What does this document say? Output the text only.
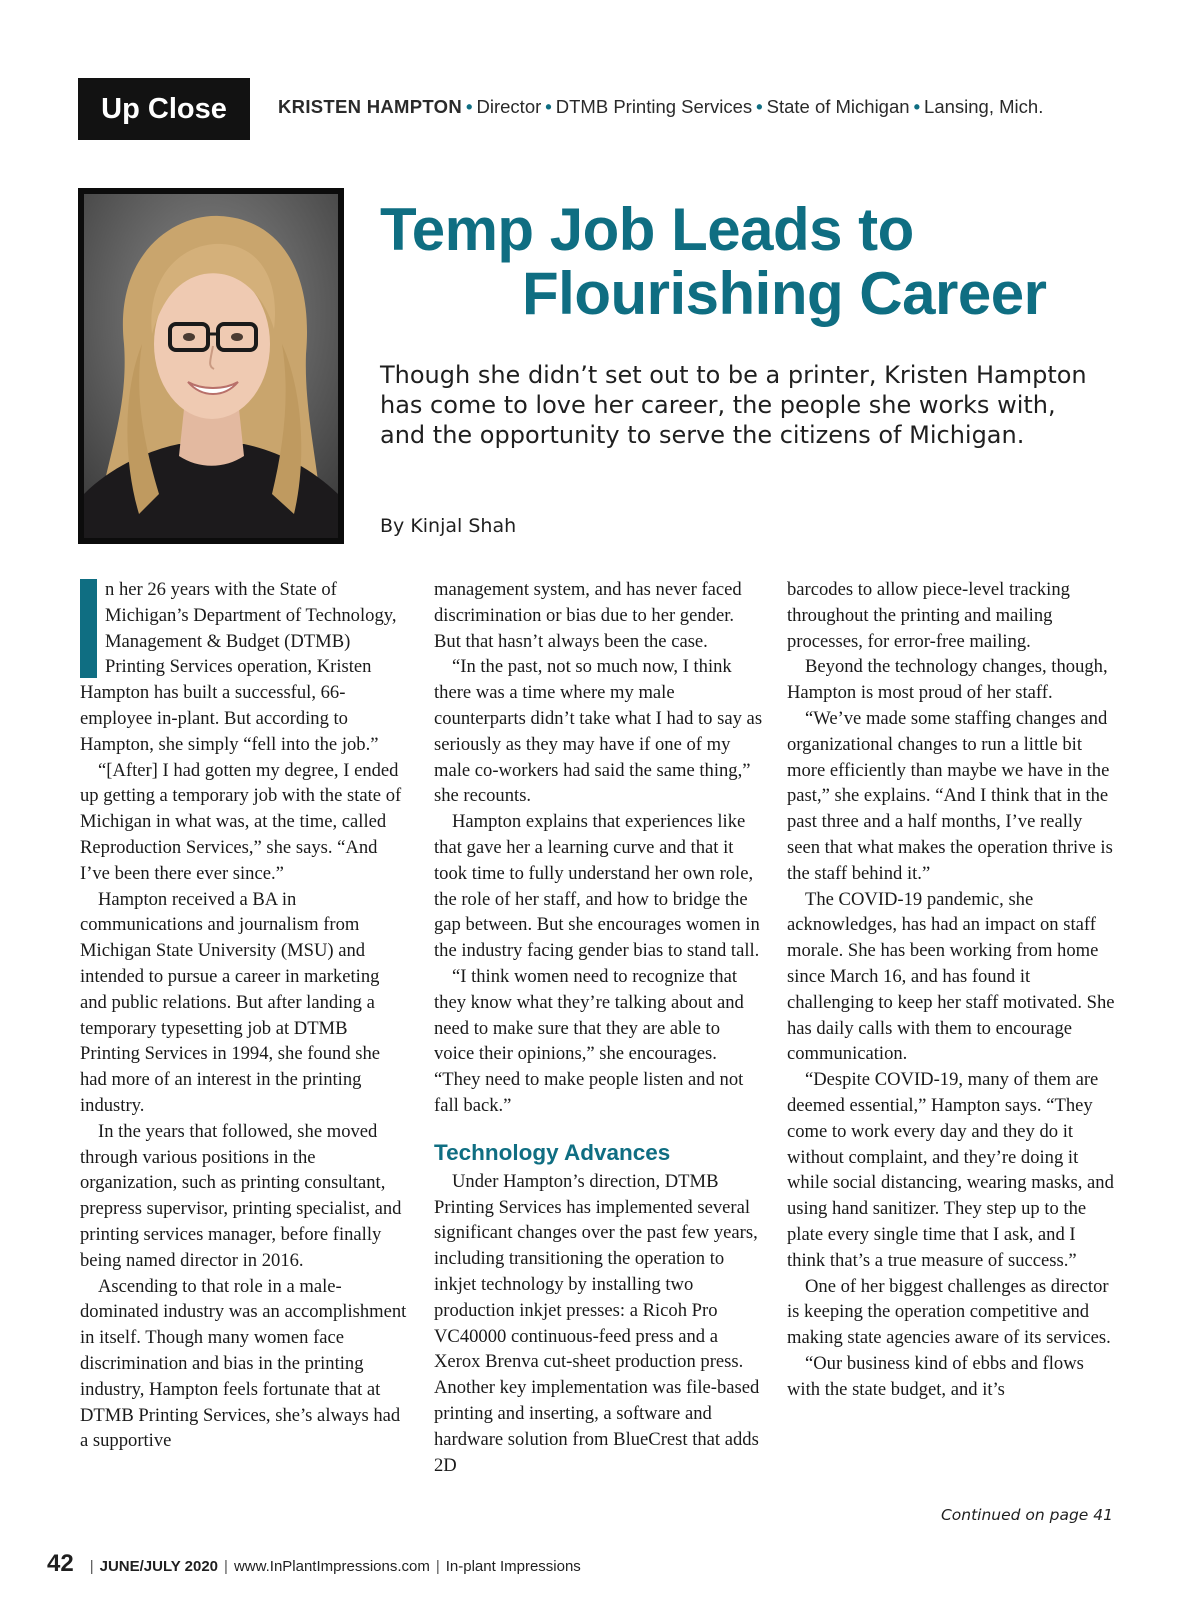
Up Close	KRISTEN HAMPTON • Director • DTMB Printing Services • State of Michigan • Lansing, Mich.
Temp Job Leads to
Flourishing Career
Though she didn’t set out to be a printer, Kristen Hampton has come to love her career, the people she works with, and the opportunity to serve the citizens of Michigan.
By Kinjal Shah

I	n her 26 years with the State of Michigan’s Department of Technology, Management & Budget (DTMB) Printing Services operation, Kristen Hampton has built a successful, 66-employee in-plant. But according to Hampton, she simply “fell into the job.”

“[After] I had gotten my degree, I ended up getting a temporary job with the state of Michigan in what was, at the time, called Reproduction Services,” she says. “And I’ve been there ever since.”

Hampton received a BA in communications and journalism from Michigan State University (MSU) and intended to pursue a career in marketing and public relations. But after landing a temporary typesetting job at DTMB Printing Services in 1994, she found she had more of an interest in the printing industry.

In the years that followed, she moved through various positions in the organization, such as printing consultant, prepress supervisor, printing specialist, and printing services manager, before finally being named director in 2016.

Ascending to that role in a male-dominated industry was an accomplishment in itself. Though many women face discrimination and bias in the printing industry, Hampton feels fortunate that at DTMB Printing Services, she’s always had a supportive

management system, and has never faced discrimination or bias due to her gender. But that hasn’t always been the case.

“In the past, not so much now, I think there was a time where my male counterparts didn’t take what I had to say as seriously as they may have if one of my male co-workers had said the same thing,” she recounts.

Hampton explains that experiences like that gave her a learning curve and that it took time to fully understand her own role, the role of her staff, and how to bridge the gap between. But she encourages women in the industry facing gender bias to stand tall.

“I think women need to recognize that they know what they’re talking about and need to make sure that they are able to voice their opinions,” she encourages. “They need to make people listen and not fall back.”

Technology Advances

Under Hampton’s direction, DTMB Printing Services has implemented several significant changes over the past few years, including transitioning the operation to inkjet technology by installing two production inkjet presses: a Ricoh Pro VC40000 continuous-feed press and a Xerox Brenva cut-sheet production press. Another key implementation was file-based printing and inserting, a software and hardware solution from BlueCrest that adds 2D

barcodes to allow piece-level tracking throughout the printing and mailing processes, for error-free mailing.

Beyond the technology changes, though, Hampton is most proud of her staff.

“We’ve made some staffing changes and organizational changes to run a little bit more efficiently than maybe we have in the past,” she explains. “And I think that in the past three and a half months, I’ve really seen that what makes the operation thrive is the staff behind it.”

The COVID-19 pandemic, she acknowledges, has had an impact on staff morale. She has been working from home since March 16, and has found it challenging to keep her staff motivated. She has daily calls with them to encourage communication.

“Despite COVID-19, many of them are deemed essential,” Hampton says. “They come to work every day and they do it without complaint, and they’re doing it while social distancing, wearing masks, and using hand sanitizer. They step up to the plate every single time that I ask, and I think that’s a true measure of success.”

One of her biggest challenges as director is keeping the operation competitive and making state agencies aware of its services.

“Our business kind of ebbs and flows with the state budget, and it’s

Continued on page 41
42	| JUNE/JULY 2020 | www.InPlantImpressions.com | In-plant Impressions
